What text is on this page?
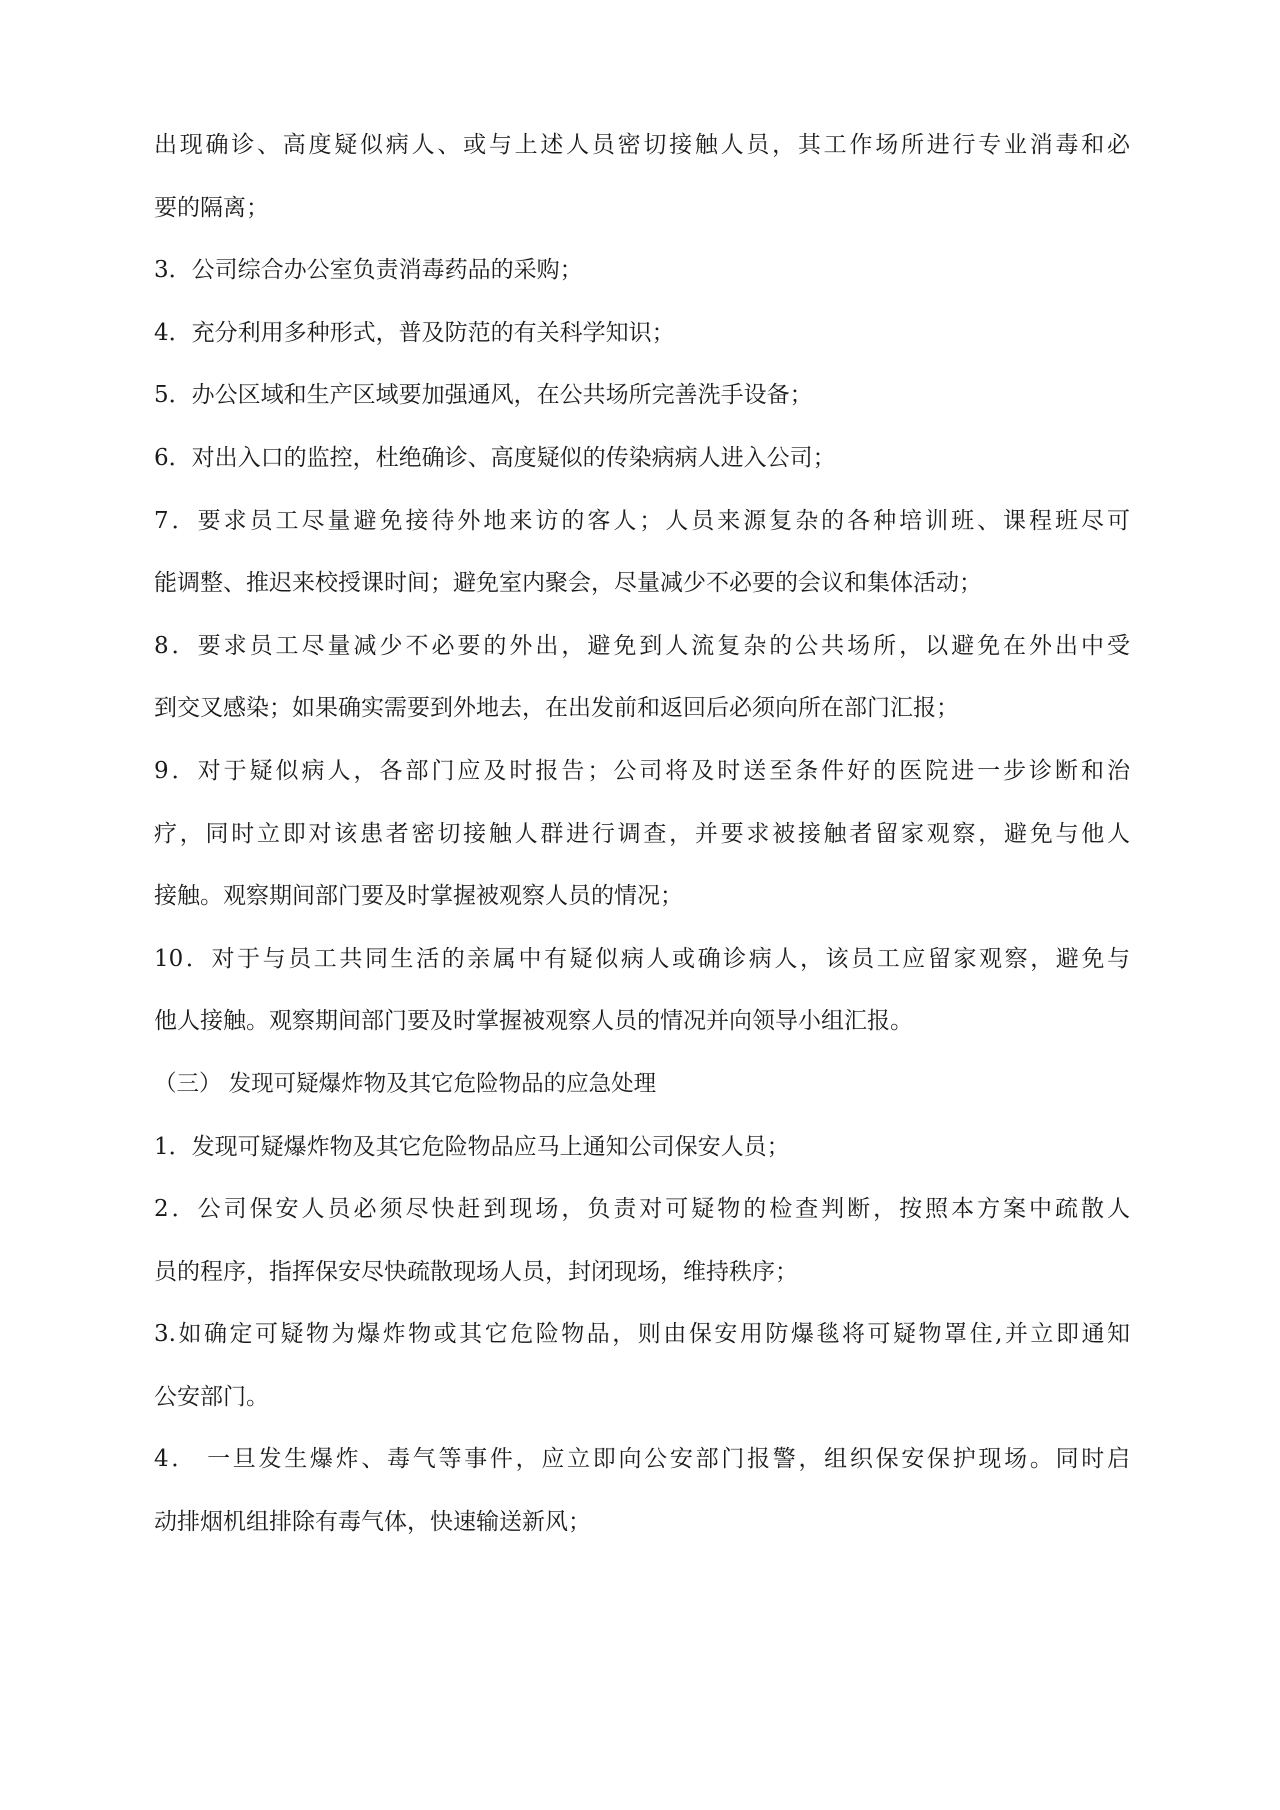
出现确诊、高度疑似病人、或与上述人员密切接触人员，其工作场所进行专业消毒和必

要的隔离；

3．公司综合办公室负责消毒药品的采购；

4．充分利用多种形式，普及防范的有关科学知识；

5．办公区域和生产区域要加强通风，在公共场所完善洗手设备；

6．对出入口的监控，杜绝确诊、高度疑似的传染病病人进入公司；

7．要求员工尽量避免接待外地来访的客人；人员来源复杂的各种培训班、课程班尽可

能调整、推迟来校授课时间；避免室内聚会，尽量减少不必要的会议和集体活动；

8．要求员工尽量减少不必要的外出，避免到人流复杂的公共场所，以避免在外出中受

到交叉感染；如果确实需要到外地去，在出发前和返回后必须向所在部门汇报；

9．对于疑似病人，各部门应及时报告；公司将及时送至条件好的医院进一步诊断和治

疗，同时立即对该患者密切接触人群进行调查，并要求被接触者留家观察，避免与他人

接触。观察期间部门要及时掌握被观察人员的情况；

10．对于与员工共同生活的亲属中有疑似病人或确诊病人，该员工应留家观察，避免与

他人接触。观察期间部门要及时掌握被观察人员的情况并向领导小组汇报。

（三） 发现可疑爆炸物及其它危险物品的应急处理

1．发现可疑爆炸物及其它危险物品应马上通知公司保安人员；

2．公司保安人员必须尽快赶到现场，负责对可疑物的检查判断，按照本方案中疏散人

员的程序，指挥保安尽快疏散现场人员，封闭现场，维持秩序；

3.如确定可疑物为爆炸物或其它危险物品，则由保安用防爆毯将可疑物罩住,并立即通知

公安部门。

4． 一旦发生爆炸、毒气等事件，应立即向公安部门报警，组织保安保护现场。同时启

动排烟机组排除有毒气体，快速输送新风；
